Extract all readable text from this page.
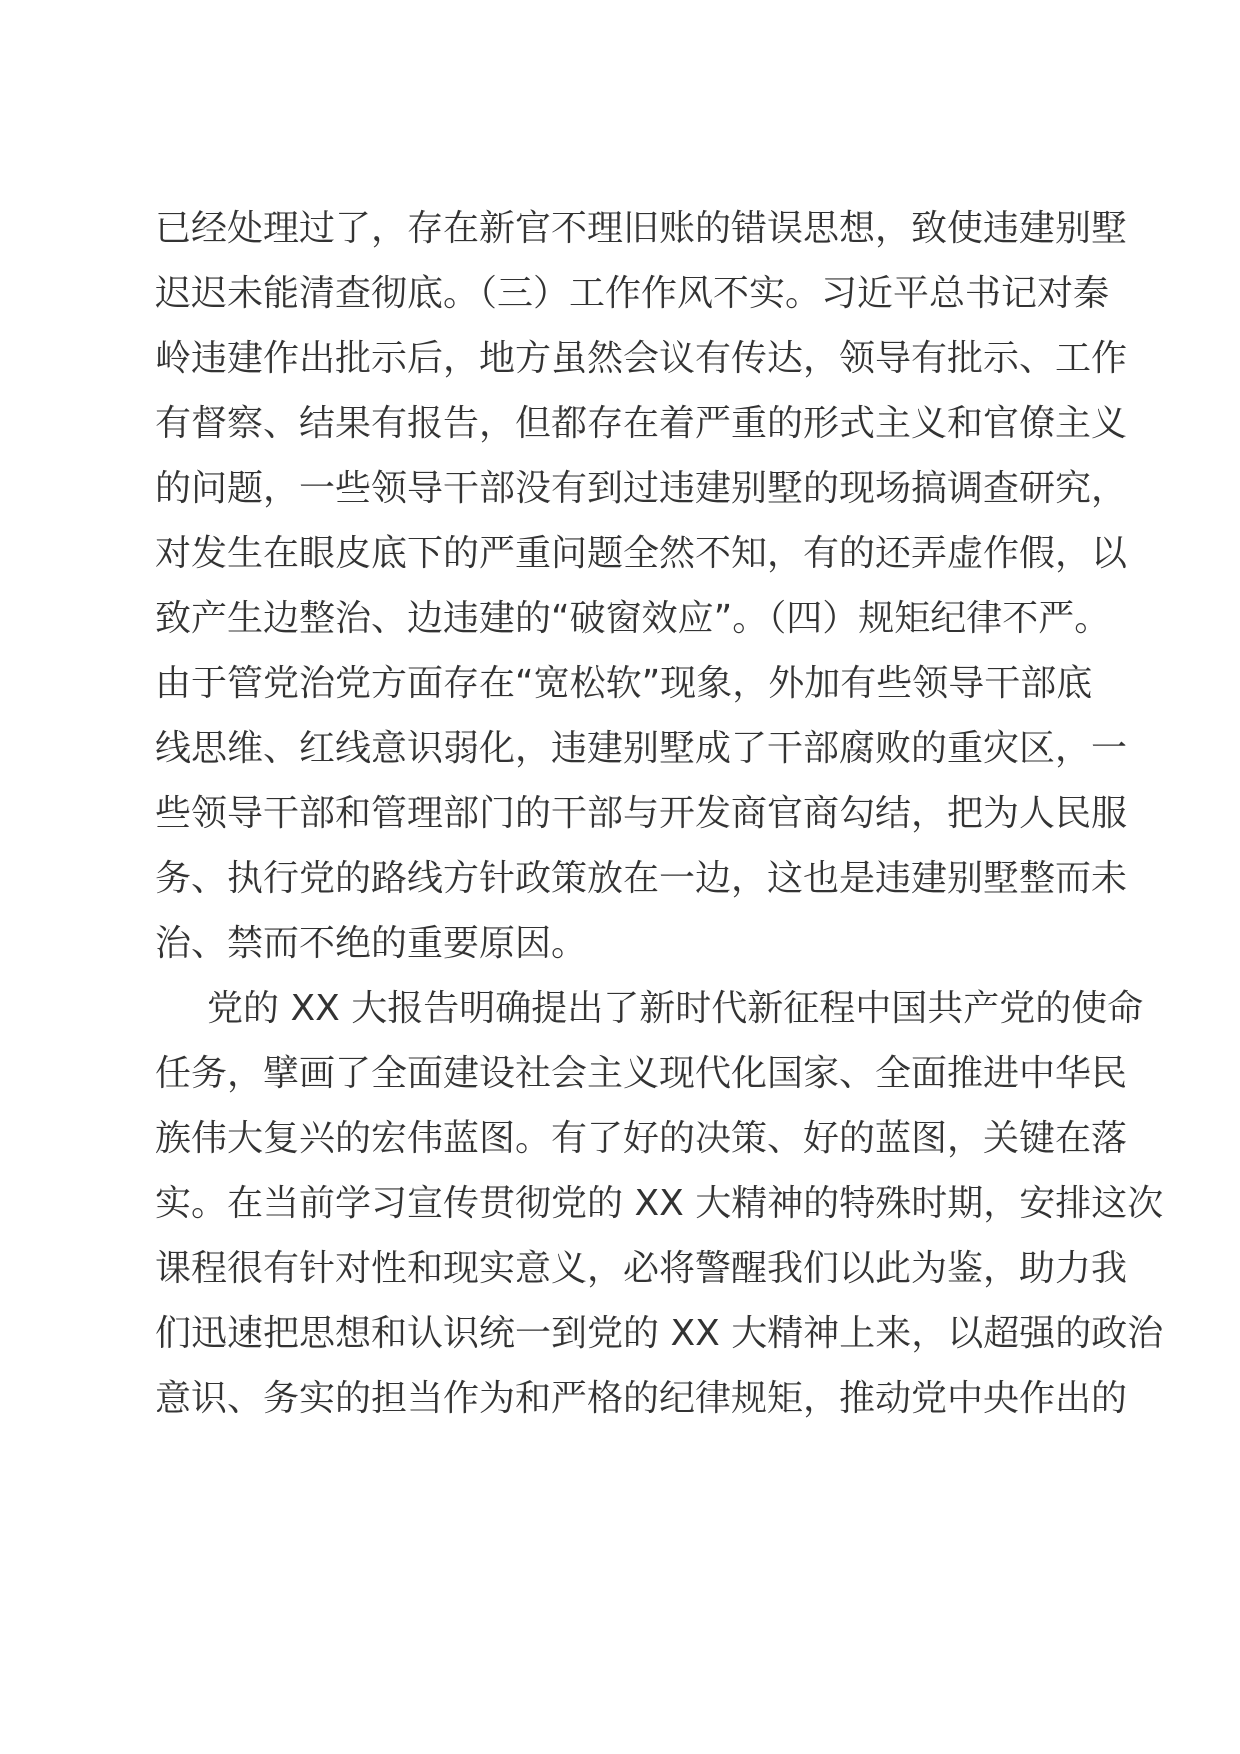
已经处理过了，存在新官不理旧账的错误思想，致使违建别墅
迟迟未能清查彻底。（三）工作作风不实。习近平总书记对秦
岭违建作出批示后，地方虽然会议有传达，领导有批示、工作
有督察、结果有报告，但都存在着严重的形式主义和官僚主义
的问题，一些领导干部没有到过违建别墅的现场搞调查研究，
对发生在眼皮底下的严重问题全然不知，有的还弄虚作假，以
致产生边整治、边违建的“破窗效应”。（四）规矩纪律不严。
由于管党治党方面存在“宽松软”现象，外加有些领导干部底
线思维、红线意识弱化，违建别墅成了干部腐败的重灾区，一
些领导干部和管理部门的干部与开发商官商勾结，把为人民服
务、执行党的路线方针政策放在一边，这也是违建别墅整而未
治、禁而不绝的重要原因。
党的 XX 大报告明确提出了新时代新征程中国共产党的使命
任务，擘画了全面建设社会主义现代化国家、全面推进中华民
族伟大复兴的宏伟蓝图。有了好的决策、好的蓝图，关键在落
实。在当前学习宣传贯彻党的 XX 大精神的特殊时期，安排这次
课程很有针对性和现实意义，必将警醒我们以此为鉴，助力我
们迅速把思想和认识统一到党的 XX 大精神上来，以超强的政治
意识、务实的担当作为和严格的纪律规矩，推动党中央作出的
